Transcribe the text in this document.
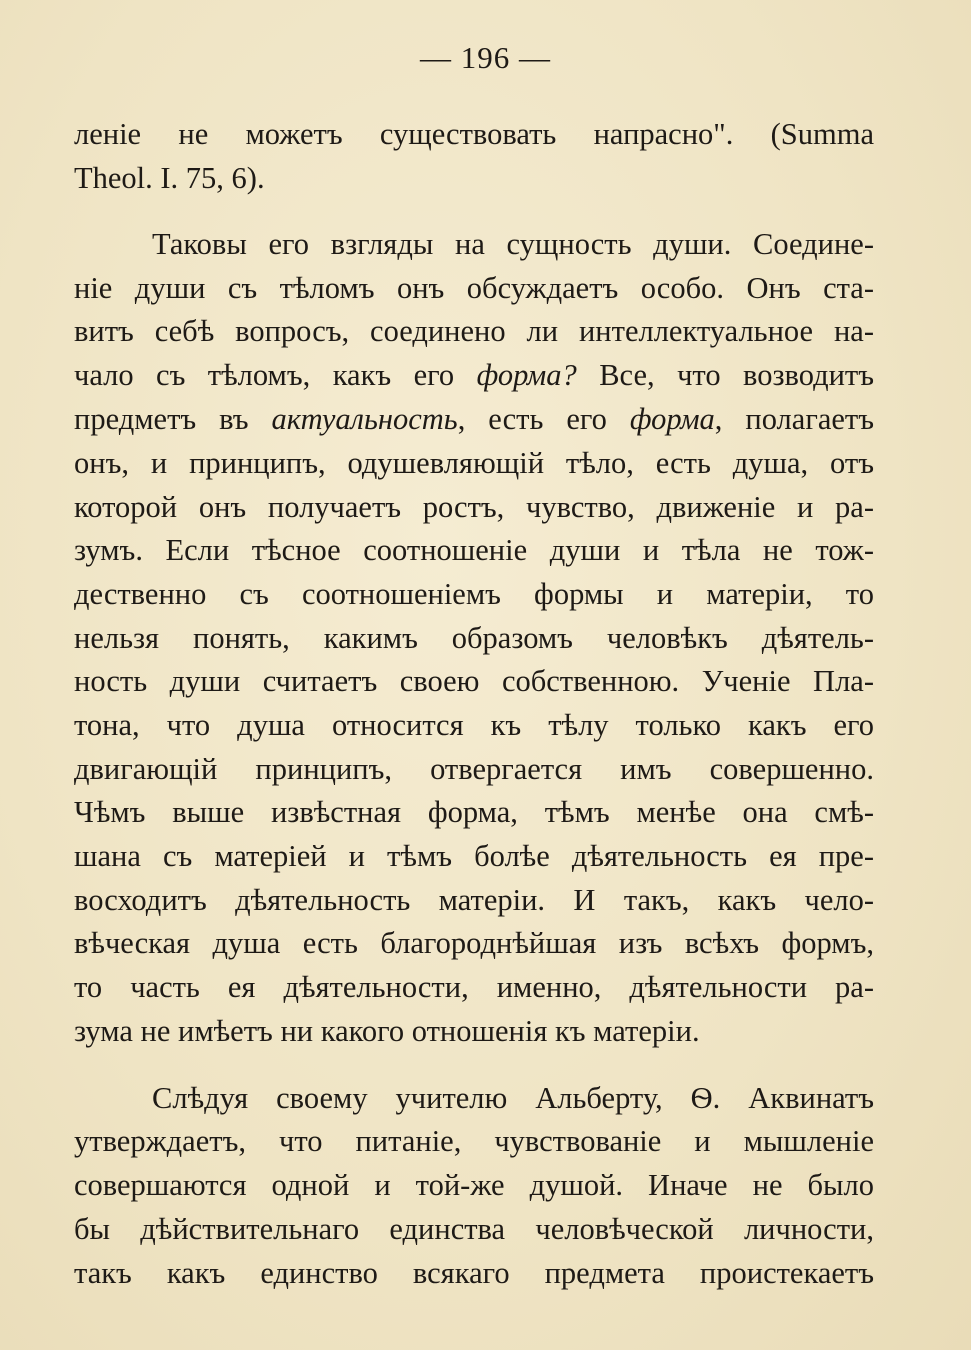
— 196 —
леніе не можетъ существовать напрасно". (Summa
Theol. I. 75, 6).
Таковы его взгляды на сущность души. Соедине-
ніе души съ тѣломъ онъ обсуждаетъ особо. Онъ ста-
витъ себѣ вопросъ, соединено ли интеллектуальное на-
чало съ тѣломъ, какъ его форма? Все, что возводитъ
предметъ въ актуальность, есть его форма, полагаетъ
онъ, и принципъ, одушевляющій тѣло, есть душа, отъ
которой онъ получаетъ ростъ, чувство, движеніе и ра-
зумъ. Если тѣсное соотношеніе души и тѣла не тож-
дественно съ соотношеніемъ формы и матеріи, то
нельзя понять, какимъ образомъ человѣкъ дѣятель-
ность души считаетъ своею собственною. Ученіе Пла-
тона, что душа относится къ тѣлу только какъ его
двигающій принципъ, отвергается имъ совершенно.
Чѣмъ выше извѣстная форма, тѣмъ менѣе она смѣ-
шана съ матеріей и тѣмъ болѣе дѣятельность ея пре-
восходитъ дѣятельность матеріи. И такъ, какъ чело-
вѣческая душа есть благороднѣйшая изъ всѣхъ формъ,
то часть ея дѣятельности, именно, дѣятельности ра-
зума не имѣетъ ни какого отношенія къ матеріи.
Слѣдуя своему учителю Альберту, Ѳ. Аквинатъ
утверждаетъ, что питаніе, чувствованіе и мышленіе
совершаются одной и той-же душой. Иначе не было
бы дѣйствительнаго единства человѣческой личности,
такъ какъ единство всякаго предмета проистекаетъ
